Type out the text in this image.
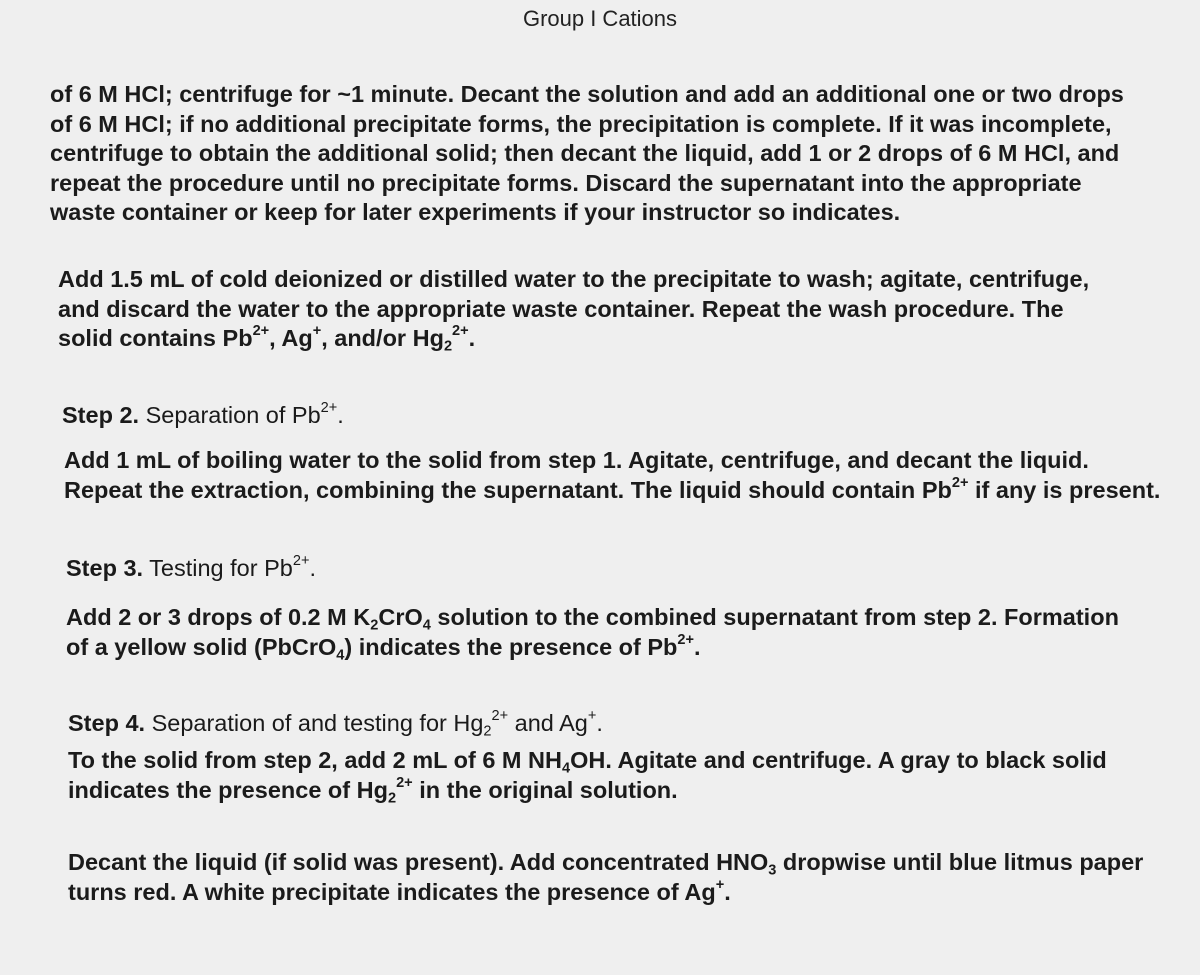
Group I Cations
of 6 M HCl; centrifuge for ~1 minute. Decant the solution and add an additional one or two drops
of 6 M HCl; if no additional precipitate forms, the precipitation is complete. If it was incomplete,
centrifuge to obtain the additional solid; then decant the liquid, add 1 or 2 drops of 6 M HCl, and
repeat the procedure until no precipitate forms. Discard the supernatant into the appropriate
waste container or keep for later experiments if your instructor so indicates.
Add 1.5 mL of cold deionized or distilled water to the precipitate to wash; agitate, centrifuge,
and discard the water to the appropriate waste container. Repeat the wash procedure. The
solid contains $Pb^{2+}$, Ag+, and/or $Hg_2^{2+}$.
Step 2. Separation of $Pb^{2+}$.
Add 1 mL of boiling water to the solid from step 1. Agitate, centrifuge, and decant the liquid.
Repeat the extraction, combining the supernatant. The liquid should contain $Pb^{2+}$ if any is present.
Step 3. Testing for $Pb^{2+}$.
Add 2 or 3 drops of 0.2 M $K_2CrO_4$ solution to the combined supernatant from step 2. Formation
of a yellow solid (PbCrO$_4$) indicates the presence of $Pb^{2+}$.
Step 4. Separation of and testing for $Hg_2^{2+}$ and Ag+.
To the solid from step 2, add 2 mL of 6 M $NH_4OH$. Agitate and centrifuge. A gray to black solid
indicates the presence of $Hg_2^{2+}$ in the original solution.
Decant the liquid (if solid was present). Add concentrated $HNO_3$ dropwise until blue litmus paper
turns red. A white precipitate indicates the presence of Ag+.
